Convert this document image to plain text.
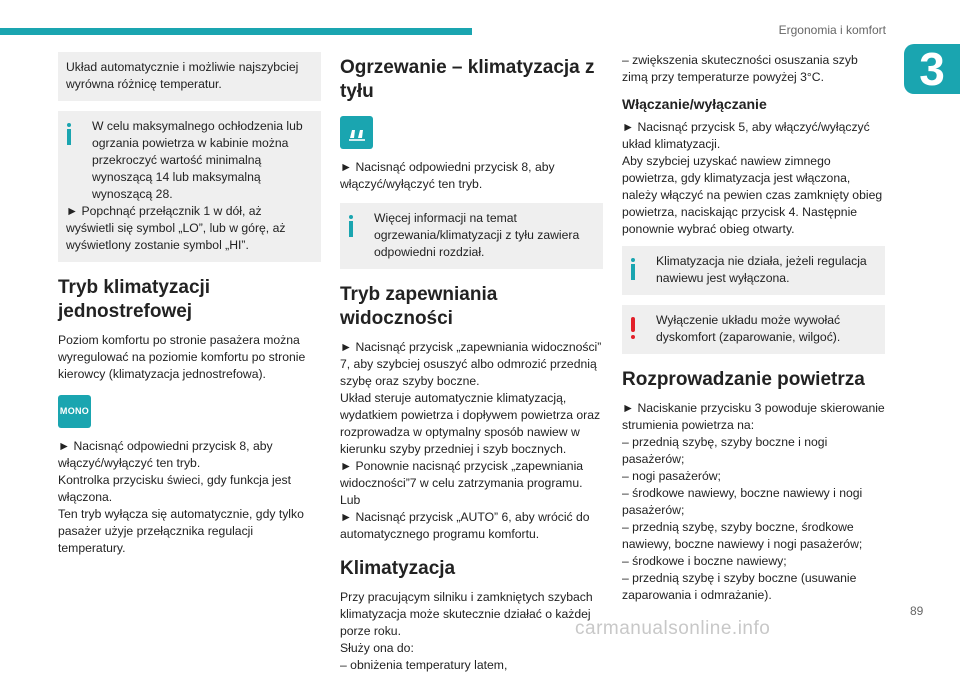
Ergonomia i komfort
3

Układ automatycznie i możliwie najszybciej wyrówna różnicę temperatur.

W celu maksymalnego ochłodzenia lub ogrzania powietrza w kabinie można przekroczyć wartość minimalną wynoszącą 14 lub maksymalną wynoszącą 28.

► Popchnąć przełącznik 1 w dół, aż wyświetli się symbol „LO”, lub w górę, aż wyświetlony zostanie symbol „HI”.

Tryb klimatyzacji jednostrefowej

Poziom komfortu po stronie pasażera można wyregulować na poziomie komfortu po stronie kierowcy (klimatyzacja jednostrefowa).

MONO

► Nacisnąć odpowiedni przycisk 8, aby włączyć/wyłączyć ten tryb.

Kontrolka przycisku świeci, gdy funkcja jest włączona.

Ten tryb wyłącza się automatycznie, gdy tylko pasażer użyje przełącznika regulacji temperatury.

Ogrzewanie – klimatyzacja z tyłu

► Nacisnąć odpowiedni przycisk 8, aby włączyć/wyłączyć ten tryb.

Więcej informacji na temat ogrzewania/klimatyzacji z tyłu zawiera odpowiedni rozdział.

Tryb zapewniania widoczności

► Nacisnąć przycisk „zapewniania widoczności” 7, aby szybciej osuszyć albo odmrozić przednią szybę oraz szyby boczne.

Układ steruje automatycznie klimatyzacją, wydatkiem powietrza i dopływem powietrza oraz rozprowadza w optymalny sposób nawiew w kierunku szyby przedniej i szyb bocznych.

► Ponownie nacisnąć przycisk „zapewniania widoczności”7 w celu zatrzymania programu.

Lub

► Nacisnąć przycisk „AUTO” 6, aby wrócić do automatycznego programu komfortu.

Klimatyzacja

Przy pracującym silniku i zamkniętych szybach klimatyzacja może skutecznie działać o każdej porze roku.

Służy ona do:

– obniżenia temperatury latem,

– zwiększenia skuteczności osuszania szyb zimą przy temperaturze powyżej 3°C.

Włączanie/wyłączanie

► Nacisnąć przycisk 5, aby włączyć/wyłączyć układ klimatyzacji.

Aby szybciej uzyskać nawiew zimnego powietrza, gdy klimatyzacja jest włączona, należy włączyć na pewien czas zamknięty obieg powietrza, naciskając przycisk 4. Następnie ponownie wybrać obieg otwarty.

Klimatyzacja nie działa, jeżeli regulacja nawiewu jest wyłączona.

Wyłączenie układu może wywołać dyskomfort (zaparowanie, wilgoć).

Rozprowadzanie powietrza

► Naciskanie przycisku 3 powoduje skierowanie strumienia powietrza na:

– przednią szybę, szyby boczne i nogi pasażerów;

– nogi pasażerów;

– środkowe nawiewy, boczne nawiewy i nogi pasażerów;

– przednią szybę, szyby boczne, środkowe nawiewy, boczne nawiewy i nogi pasażerów;

– środkowe i boczne nawiewy;

– przednią szybę i szyby boczne (usuwanie zaparowania i odmrażanie).

89
carmanualsonline.info
